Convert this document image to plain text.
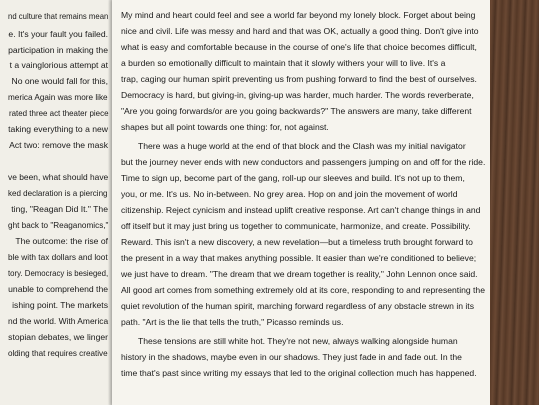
nd culture that remains mean
e. It's your fault you failed.
participation in making the
t a vainglorious attempt at
No one would fall for this,
merica Again was more like
rated three act theater piece
taking everything to a new
Act two: remove the mask
ve been, what should have
ked declaration is a piercing
ting, "Reagan Did It." The
ght back to "Reaganomics,"
The outcome: the rise of
ble with tax dollars and loot
tory. Democracy is besieged,
unable to comprehend the
ishing point. The markets
nd the world. With America
stopian debates, we linger
olding that requires creative
My mind and heart could feel and see a world far beyond my lonely block. Forget about being
nice and civil. Life was messy and hard and that was OK, actually a good thing. Don't give into
what is easy and comfortable because in the course of one's life that choice becomes difficult,
a burden so emotionally difficult to maintain that it slowly withers your will to live. It's a
trap, caging our human spirit preventing us from pushing forward to find the best of ourselves.
Democracy is hard, but giving-in, giving-up was harder, much harder. The words reverberate,
"Are you going forwards/or are you going backwards?" The answers are many, take different
shapes but all point towards one thing: for, not against.
There was a huge world at the end of that block and the Clash was my initial navigator
but the journey never ends with new conductors and passengers jumping on and off for the ride.
Time to sign up, become part of the gang, roll-up our sleeves and build. It's not up to them,
you, or me. It's us. No in-between. No grey area. Hop on and join the movement of world
citizenship. Reject cynicism and instead uplift creative response. Art can't change things in and
off itself but it may just bring us together to communicate, harmonize, and create. Possibility.
Reward. This isn't a new discovery, a new revelation—but a timeless truth brought forward to
the present in a way that makes anything possible. It easier than we're conditioned to believe;
we just have to dream. "The dream that we dream together is reality," John Lennon once said.
All good art comes from something extremely old at its core, responding to and representing the
quiet revolution of the human spirit, marching forward regardless of any obstacle strewn in its
path. "Art is the lie that tells the truth," Picasso reminds us.
These tensions are still white hot. They're not new, always walking alongside human
history in the shadows, maybe even in our shadows. They just fade in and fade out. In the
time that's past since writing my essays that led to the original collection much has happened.
